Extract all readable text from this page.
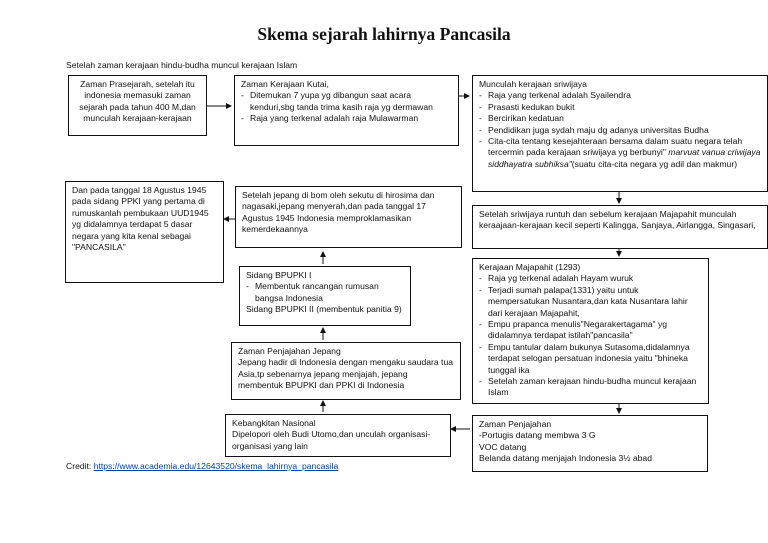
Skema sejarah lahirnya Pancasila
Setelah zaman kerajaan hindu-budha muncul kerajaan Islam
Zaman Prasejarah, setelah itu indonesia memasuki zaman sejarah pada tahun 400 M,dan munculah kerajaan-kerajaan
Zaman Kerajaan Kutai,
- Ditemukan 7 yupa yg dibangun saat acara kenduri,sbg tanda trima kasih raja yg dermawan
- Raja yang terkenal adalah raja Mulawarman
Munculah kerajaan sriwijaya
- Raja yang terkenal adalah Syailendra
- Prasasti kedukan bukit
- Bercirikan kedatuan
- Pendidikan juga sydah maju dg adanya universitas Budha
- Cita-cita tentang kesejahteraan bersama dalam suatu negara telah tercermin pada kerajaan sriwijaya yg berbunyi" marvuat vanua criwijaya siddhayatra subhiksa"(suatu cita-cita negara yg adil dan makmur)
Dan pada tanggal 18 Agustus 1945 pada sidang PPKI yang pertama di rumuskanlah pembukaan UUD1945 yg didalamnya terdapat 5 dasar negara yang kita kenal sebagai "PANCASILA"
Setelah jepang di bom oleh sekutu di hirosima dan nagasaki,jepang menyerah,dan pada tanggal 17 Agustus 1945 Indonesia memproklamasikan kemerdekaannya
Setelah sriwijaya runtuh dan sebelum kerajaan Majapahit munculah keraajaan-kerajaan kecil seperti Kalingga, Sanjaya, Airlangga, Singasari,
Sidang BPUPKI I
- Membentuk rancangan rumusan bangsa Indonesia
Sidang BPUPKI II (membentuk panitia 9)
Kerajaan Majapahit (1293)
- Raja yg terkenal adalah Hayam wuruk
- Terjadi sumah palapa(1331) yaitu untuk mempersatukan Nusantara,dan kata Nusantara lahir dari kerajaan Majapahit,
- Empu prapanca menulis"Negarakertagama" yg didalamnya terdapat istilah"pancasila"
- Empu tantular dalam bukunya Sutasoma,didalamnya terdapat selogan persatuan indonesia yaitu "bhineka tunggal ika
- Setelah zaman kerajaan hindu-budha muncul kerajaan Islam
Zaman Penjajahan Jepang
Jepang hadir di Indonesia dengan mengaku saudara tua Asia,tp sebenarnya jepang menjajah, jepang membentuk BPUPKI dan PPKI di Indonesia
Kebangkitan Nasional
Dipelopori oleh Budi Utomo,dan unculah organisasi-organisasi yang lain
Zaman Penjajahan
-Portugis datang membwa 3 G
VOC datang
Belanda datang menjajah Indonesia 3½ abad
Credit: https://www.academia.edu/12643520/skema_lahirnya_pancasila
